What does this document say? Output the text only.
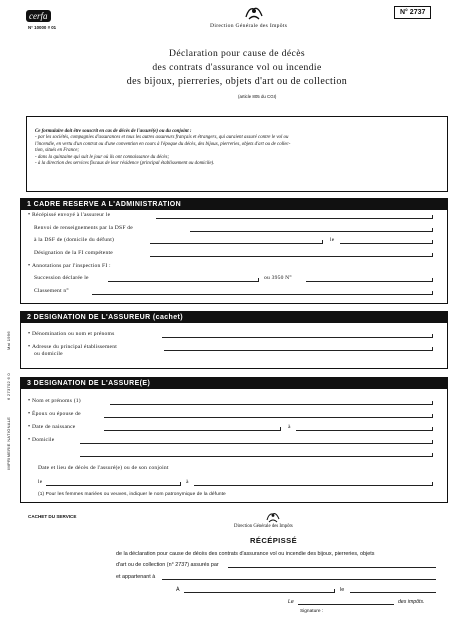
cerfa
N° 10000 # 01	Direction Générale des Impôts
N° 2737
Déclaration pour cause de décès
des contrats d'assurance vol ou incendie
des bijoux, pierreries, objets d'art ou de collection
(article 805 du CGI)
Ce formulaire doit être souscrit en cas de décès de l'assuré(e) ou du conjoint :
- par les sociétés, compagnies d'assurances et tous les autres assureurs français et étrangers, qui auraient assuré contre le vol ou
l'incendie, en vertu d'un contrat ou d'une convention en cours à l'époque du décès, des bijoux, pierreries, objets d'art ou de collec-
tion, situés en France;
- dans la quinzaine qui suit le jour où ils ont connaissance du décès;
- à la direction des services fiscaux de leur résidence (principal établissement ou domicile).
IMPRIMERIE NATIONALE
6 273702 6 0
Mai 1996
1 CADRE RESERVE A L'ADMINISTRATION
• Récépissé envoyé à l'assureur le
Renvoi de renseignements par la DSF de
à la DSF de (domicile du défunt)	le
Désignation de la FI compétente
• Annotations par l'inspection FI :
Succession déclarée le	ou 3950 N°
Classement n°
2 DESIGNATION DE L'ASSUREUR (cachet)
• Dénomination ou nom et prénoms
• Adresse du principal établissement
ou domicile
3 DESIGNATION DE L'ASSURE(E)
• Nom et prénoms (1)
• Époux ou épouse de
• Date de naissance	à
• Domicile
Date et lieu de décès de l'assuré(e) ou de son conjoint
le	à
(1) Pour les femmes mariées ou veuves, indiquer le nom patronymique de la défunte
CACHET DU SERVICE
Direction Générale des Impôts
RÉCÉPISSÉ
de la déclaration pour cause de décès des contrats d'assurance vol ou incendie des bijoux, pierreries, objets
d'art ou de collection (n° 2737) assurés par
et appartenant à
À	le
Le	des impôts.
Signature :
